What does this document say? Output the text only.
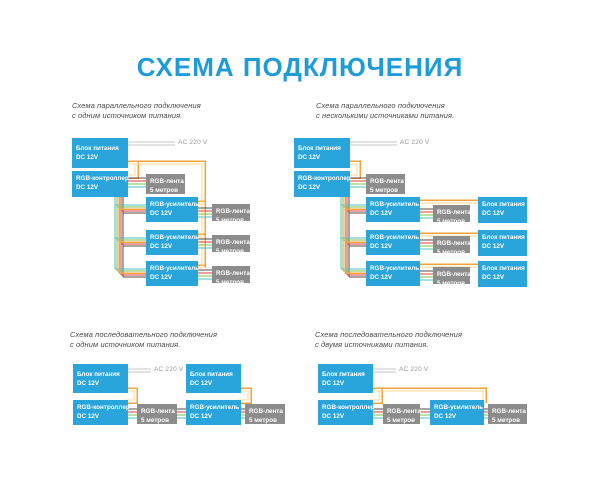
СХЕМА ПОДКЛЮЧЕНИЯ
Схема параллельного подключения
с одним источником питания.
Блок питания
DC 12V
AC 220 V
RGB-контроллер
DC 12V
RGB-лента
5 метров
RGB-усилитель
DC 12V
RGB-усилитель
DC 12V
RGB-усилитель
DC 12V
RGB-лента
5 метров
RGB-лента
5 метров
RGB-лента
5 метров
Схема параллельного подключения
с несколькими источниками питания.
Блок питания
DC 12V
AC 220 V
RGB-контроллер
DC 12V
RGB-лента
5 метров
RGB-усилитель
DC 12V
RGB-усилитель
DC 12V
RGB-усилитель
DC 12V
RGB-лента
5 метров
RGB-лента
5 метров
RGB-лента
5 метров
Блок питания
DC 12V
Блок питания
DC 12V
Блок питания
DC 12V
Схема последовательного подключения
с одним источником питания.
Блок питания
DC 12V
AC 220 V
RGB-контроллер
DC 12V
RGB-лента
5 метров
Блок питания
DC 12V
RGB-усилитель
DC 12V
RGB-лента
5 метров
Схема последовательного подключения
с двумя источниками питания.
Блок питания
DC 12V
AC 220 V
RGB-контроллер
DC 12V
RGB-лента
5 метров
RGB-усилитель
DC 12V
RGB-лента
5 метров
